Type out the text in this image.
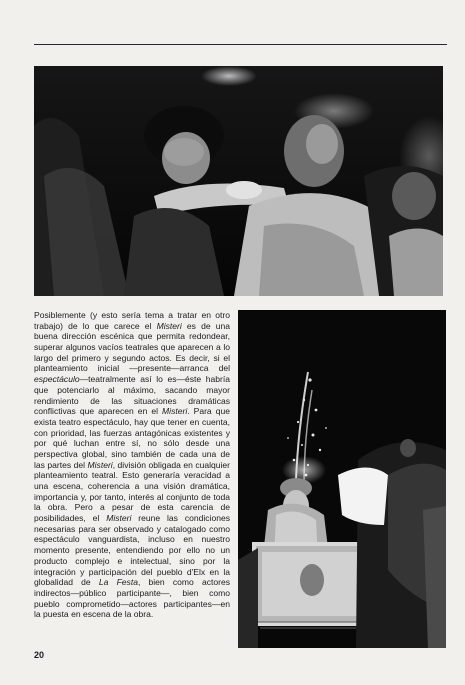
Posiblemente (y esto sería tema a tratar en otro trabajo) de lo que carece el Misteri es de una buena dirección escénica que permita redondear, superar algunos vacíos teatrales que aparecen a lo largo del primero y segundo actos. Es decir, si el planteamiento inicial —presente—arranca del espectáculo—teatralmente así lo es—éste habría que potenciarlo al máximo, sacando mayor rendimiento de las situaciones dramáticas conflictivas que aparecen en el Misteri. Para que exista teatro espectáculo, hay que tener en cuenta, con prioridad, las fuerzas antagónicas existentes y por qué luchan entre sí, no sólo desde una perspectiva global, sino también de cada una de las partes del Misteri, división obligada en cualquier planteamiento teatral. Esto generaría veracidad a una escena, coherencia a una visión dramática, importancia y, por tanto, interés al conjunto de toda la obra. Pero a pesar de esta carencia de posibilidades, el Misteri reune las condiciones necesarias para ser observado y catalogado como espectáculo vanguardista, incluso en nuestro momento presente, entendiendo por ello no un producto complejo e intelectual, sino por la integración y participación del pueblo d'Elx en la globalidad de La Festa, bien como actores indirectos—público participante—, bien como pueblo comprometido—actores participantes—en la puesta en escena de la obra.

20
